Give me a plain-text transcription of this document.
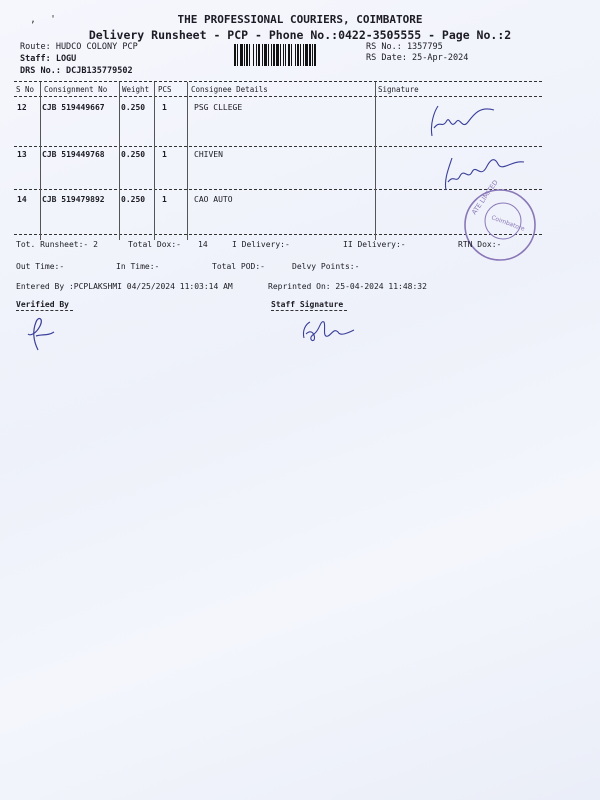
‚ '	THE PROFESSIONAL COURIERS, COIMBATORE
Delivery Runsheet - PCP - Phone No.:0422-3505555 - Page No.:2
Route: HUDCO COLONY PCP
Staff: LOGU
DRS No.: DCJB135779502
RS No.: 1357795
RS Date: 25-Apr-2024
S No Consignment No Weight PCS	Consignee Details	Signature
12 CJB 519449667 0.250 1	PSG CLLEGE
13 CJB 519449768 0.250 1	CHIVEN
14 CJB 519479892 0.250 1	CAO AUTO	ATE LIMITED
Coimbatore
Tot. Runsheet:- 2	Total Dox:- 14	I Delivery:-	II Delivery:-	RTN Dox:-
Out Time:-	In Time:-	Total POD:-	Delvy Points:-
Entered By :PCPLAKSHMI 04/25/2024 11:03:14 AM	Reprinted On: 25-04-2024 11:48:32
Verified By	Staff Signature
